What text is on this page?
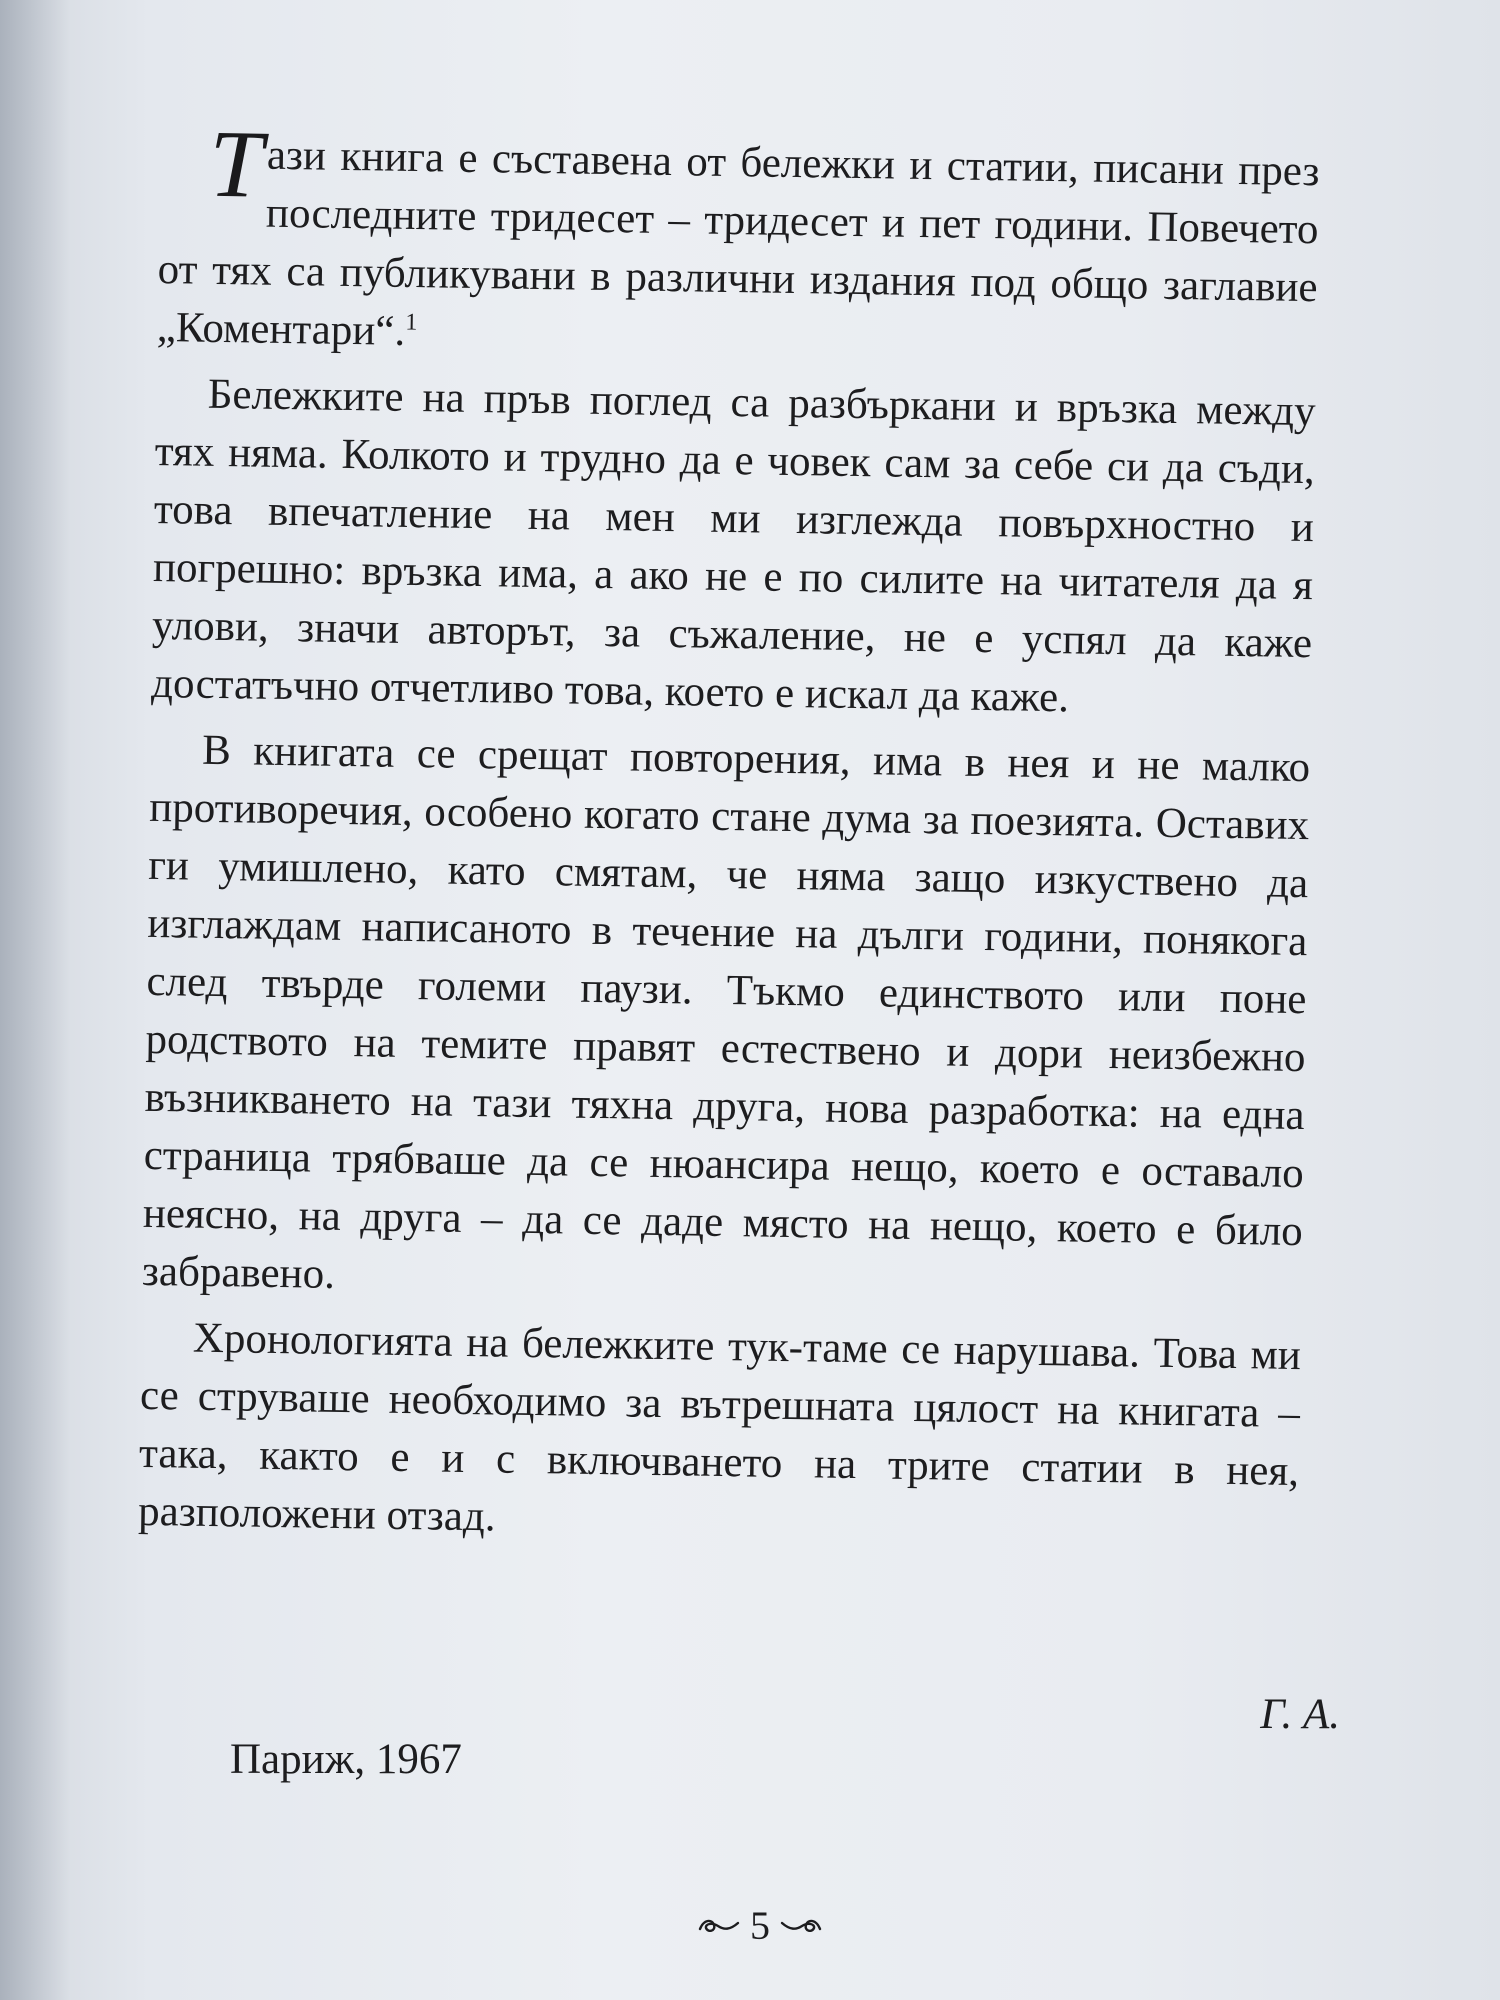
Тази книга е съставена от бележки и статии, писани през последните тридесет – тридесет и пет години. Повечето от тях са публикувани в различни издания под общо заглавие „Коментари“.$^1$

Бележките на пръв поглед са разбъркани и връзка между тях няма. Колкото и трудно да е човек сам за себе си да съди, това впечатление на мен ми изглежда повърхностно и погрешно: връзка има, а ако не е по силите на читателя да я улови, значи авторът, за съжаление, не е успял да каже достатъчно отчетливо това, което е искал да каже.

В книгата се срещат повторения, има в нея и не малко противоречия, особено когато стане дума за поезията. Оставих ги умишлено, като смятам, че няма защо изкуствено да изглаждам написаното в течение на дълги години, понякога след твърде големи паузи. Тъкмо единството или поне родството на темите правят естествено и дори неизбежно възникването на тази тяхна друга, нова разработка: на една страница трябваше да се нюансира нещо, което е оставало неясно, на друга – да се даде място на нещо, което е било забравено.

Хронологията на бележките тук-таме се нарушава. Това ми се струваше необходимо за вътрешната цялост на книгата – така, както е и с включването на трите статии в нея, разположени отзад.

Г. А.
Париж, 1967
5
